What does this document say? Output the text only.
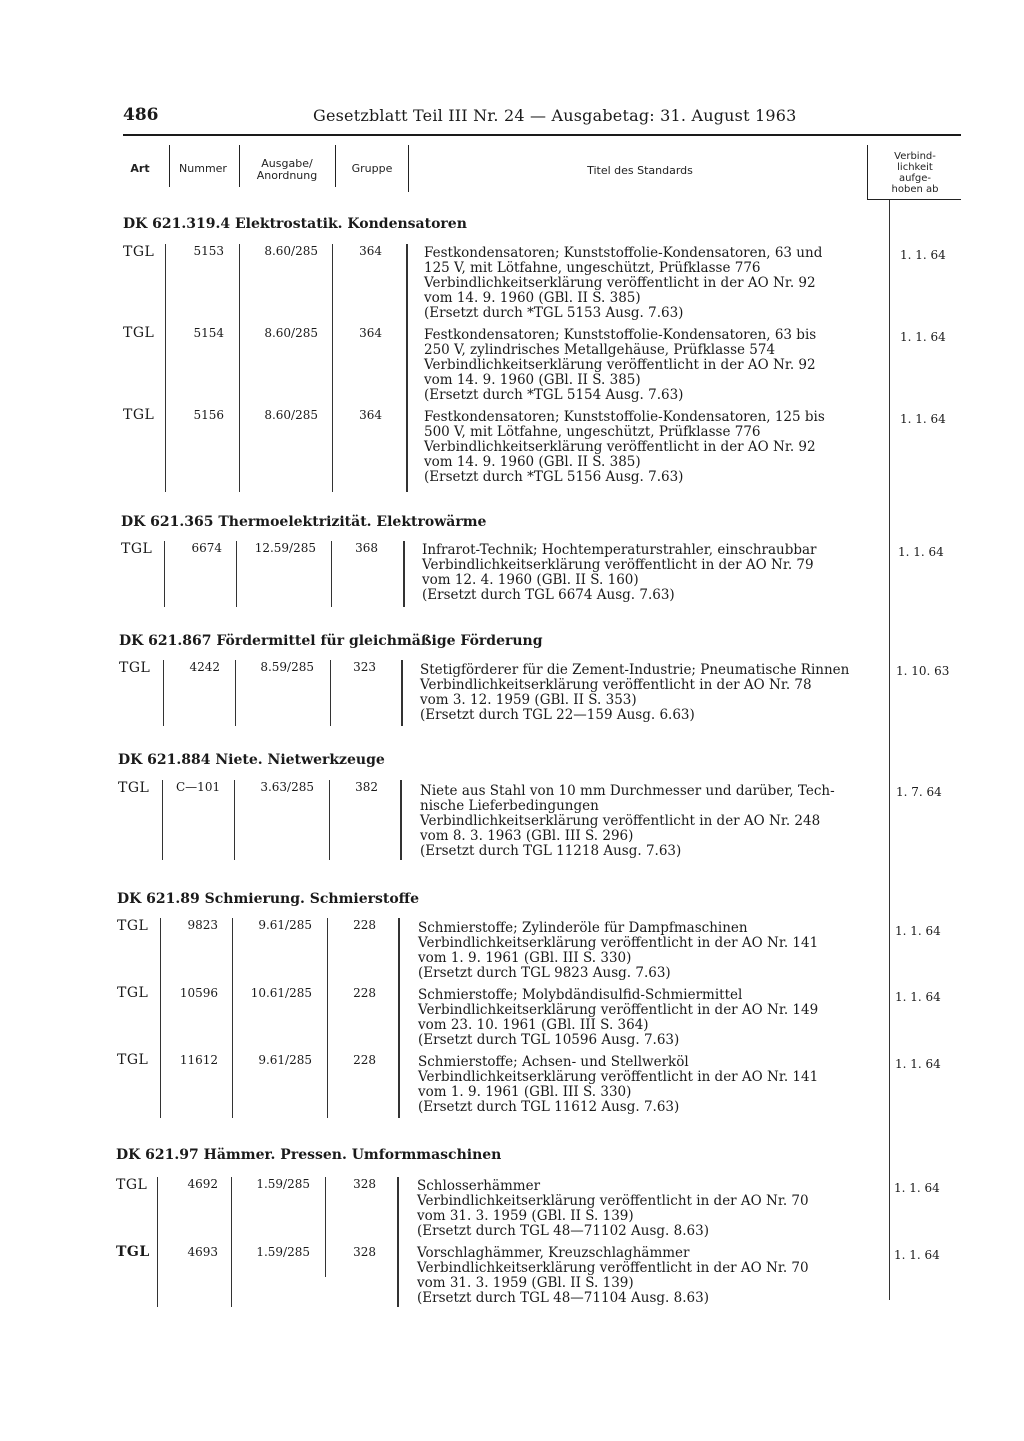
486	Gesetzblatt Teil III Nr. 24 — Ausgabetag: 31. August 1963
Art	Nummer	Ausgabe/
Anordnung
Gruppe	Titel des Standards
Verbind-
lichkeit
aufge-
hoben ab
DK 621.319.4 Elektrostatik. Kondensatoren
TGL	5153	8.60/285	364	Festkondensatoren; Kunststoffolie-Kondensatoren, 63 und
125 V, mit Lötfahne, ungeschützt, Prüfklasse 776
Verbindlichkeitserklärung veröffentlicht in der AO Nr. 92
vom 14. 9. 1960 (GBl. II S. 385)
(Ersetzt durch *TGL 5153 Ausg. 7.63)
1. 1. 64
TGL	5154	8.60/285	364	Festkondensatoren; Kunststoffolie-Kondensatoren, 63 bis
250 V, zylindrisches Metallgehäuse, Prüfklasse 574
Verbindlichkeitserklärung veröffentlicht in der AO Nr. 92
vom 14. 9. 1960 (GBl. II S. 385)
(Ersetzt durch *TGL 5154 Ausg. 7.63)
1. 1. 64
TGL	5156	8.60/285	364	Festkondensatoren; Kunststoffolie-Kondensatoren, 125 bis
500 V, mit Lötfahne, ungeschützt, Prüfklasse 776
Verbindlichkeitserklärung veröffentlicht in der AO Nr. 92
vom 14. 9. 1960 (GBl. II S. 385)
(Ersetzt durch *TGL 5156 Ausg. 7.63)
1. 1. 64
DK 621.365 Thermoelektrizität. Elektrowärme
TGL	6674	12.59/285	368	Infrarot-Technik; Hochtemperaturstrahler, einschraubbar
Verbindlichkeitserklärung veröffentlicht in der AO Nr. 79
vom 12. 4. 1960 (GBl. II S. 160)
(Ersetzt durch TGL 6674 Ausg. 7.63)
1. 1. 64
DK 621.867 Fördermittel für gleichmäßige Förderung
TGL	4242	8.59/285	323	Stetigförderer für die Zement-Industrie; Pneumatische Rinnen
Verbindlichkeitserklärung veröffentlicht in der AO Nr. 78
vom 3. 12. 1959 (GBl. II S. 353)
(Ersetzt durch TGL 22—159 Ausg. 6.63)
1. 10. 63
DK 621.884 Niete. Nietwerkzeuge
TGL C—101	3.63/285	382	Niete aus Stahl von 10 mm Durchmesser und darüber, Tech-
nische Lieferbedingungen
Verbindlichkeitserklärung veröffentlicht in der AO Nr. 248
vom 8. 3. 1963 (GBl. III S. 296)
(Ersetzt durch TGL 11218 Ausg. 7.63)
1. 7. 64
DK 621.89 Schmierung. Schmierstoffe
TGL	9823	9.61/285	228	Schmierstoffe; Zylinderöle für Dampfmaschinen
Verbindlichkeitserklärung veröffentlicht in der AO Nr. 141
vom 1. 9. 1961 (GBl. III S. 330)
(Ersetzt durch TGL 9823 Ausg. 7.63)
1. 1. 64
TGL	10596	10.61/285	228	Schmierstoffe; Molybdändisulfid-Schmiermittel
Verbindlichkeitserklärung veröffentlicht in der AO Nr. 149
vom 23. 10. 1961 (GBl. III S. 364)
(Ersetzt durch TGL 10596 Ausg. 7.63)
1. 1. 64
TGL	11612	9.61/285	228	Schmierstoffe; Achsen- und Stellwerköl
Verbindlichkeitserklärung veröffentlicht in der AO Nr. 141
vom 1. 9. 1961 (GBl. III S. 330)
(Ersetzt durch TGL 11612 Ausg. 7.63)
1. 1. 64
DK 621.97 Hämmer. Pressen. Umformmaschinen
TGL	4692	1.59/285	328	Schlosserhämmer
Verbindlichkeitserklärung veröffentlicht in der AO Nr. 70
vom 31. 3. 1959 (GBl. II S. 139)
(Ersetzt durch TGL 48—71102 Ausg. 8.63)
1. 1. 64
TGL	4693	1.59/285	328	Vorschlaghämmer, Kreuzschlaghämmer
Verbindlichkeitserklärung veröffentlicht in der AO Nr. 70
vom 31. 3. 1959 (GBl. II S. 139)
(Ersetzt durch TGL 48—71104 Ausg. 8.63)
1. 1. 64
